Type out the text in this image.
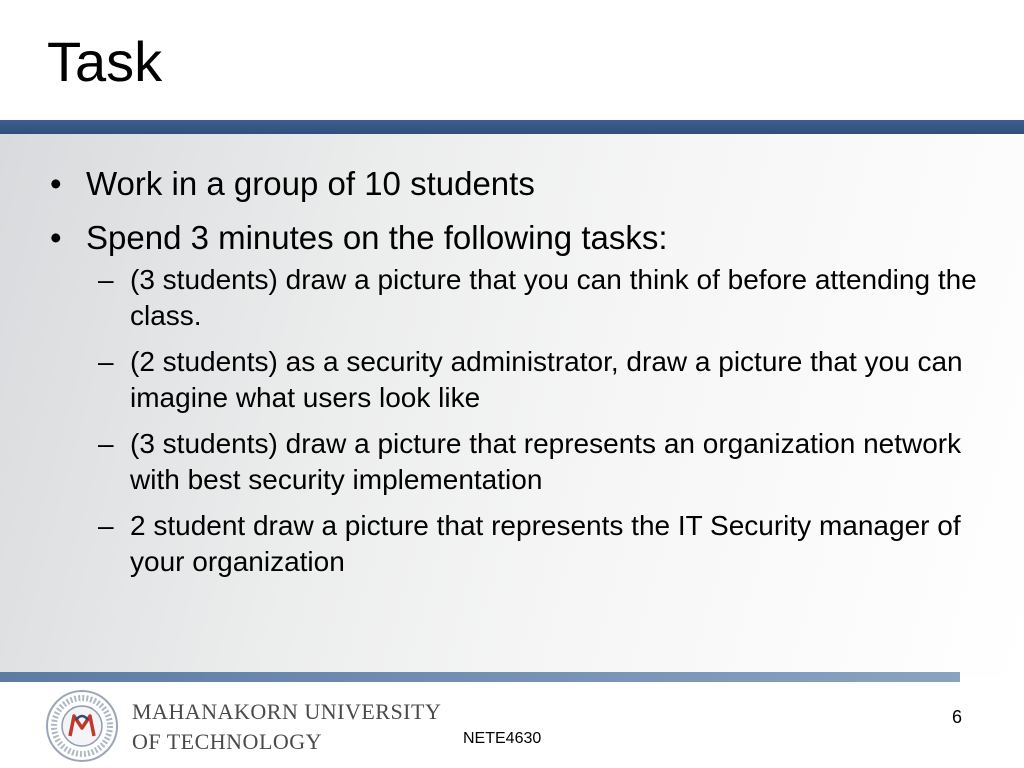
Task
• Work in a group of 10 students
• Spend 3 minutes on the following tasks:
– (3 students) draw a picture that you can think of before attending the class.
– (2 students) as a security administrator, draw a picture that you can imagine what users look like
– (3 students) draw a picture that represents an organization network with best security implementation
– 2 student draw a picture that represents the IT Security manager of your organization
MAHANAKORN UNIVERSITY
OF TECHNOLOGY	NETE4630
6
